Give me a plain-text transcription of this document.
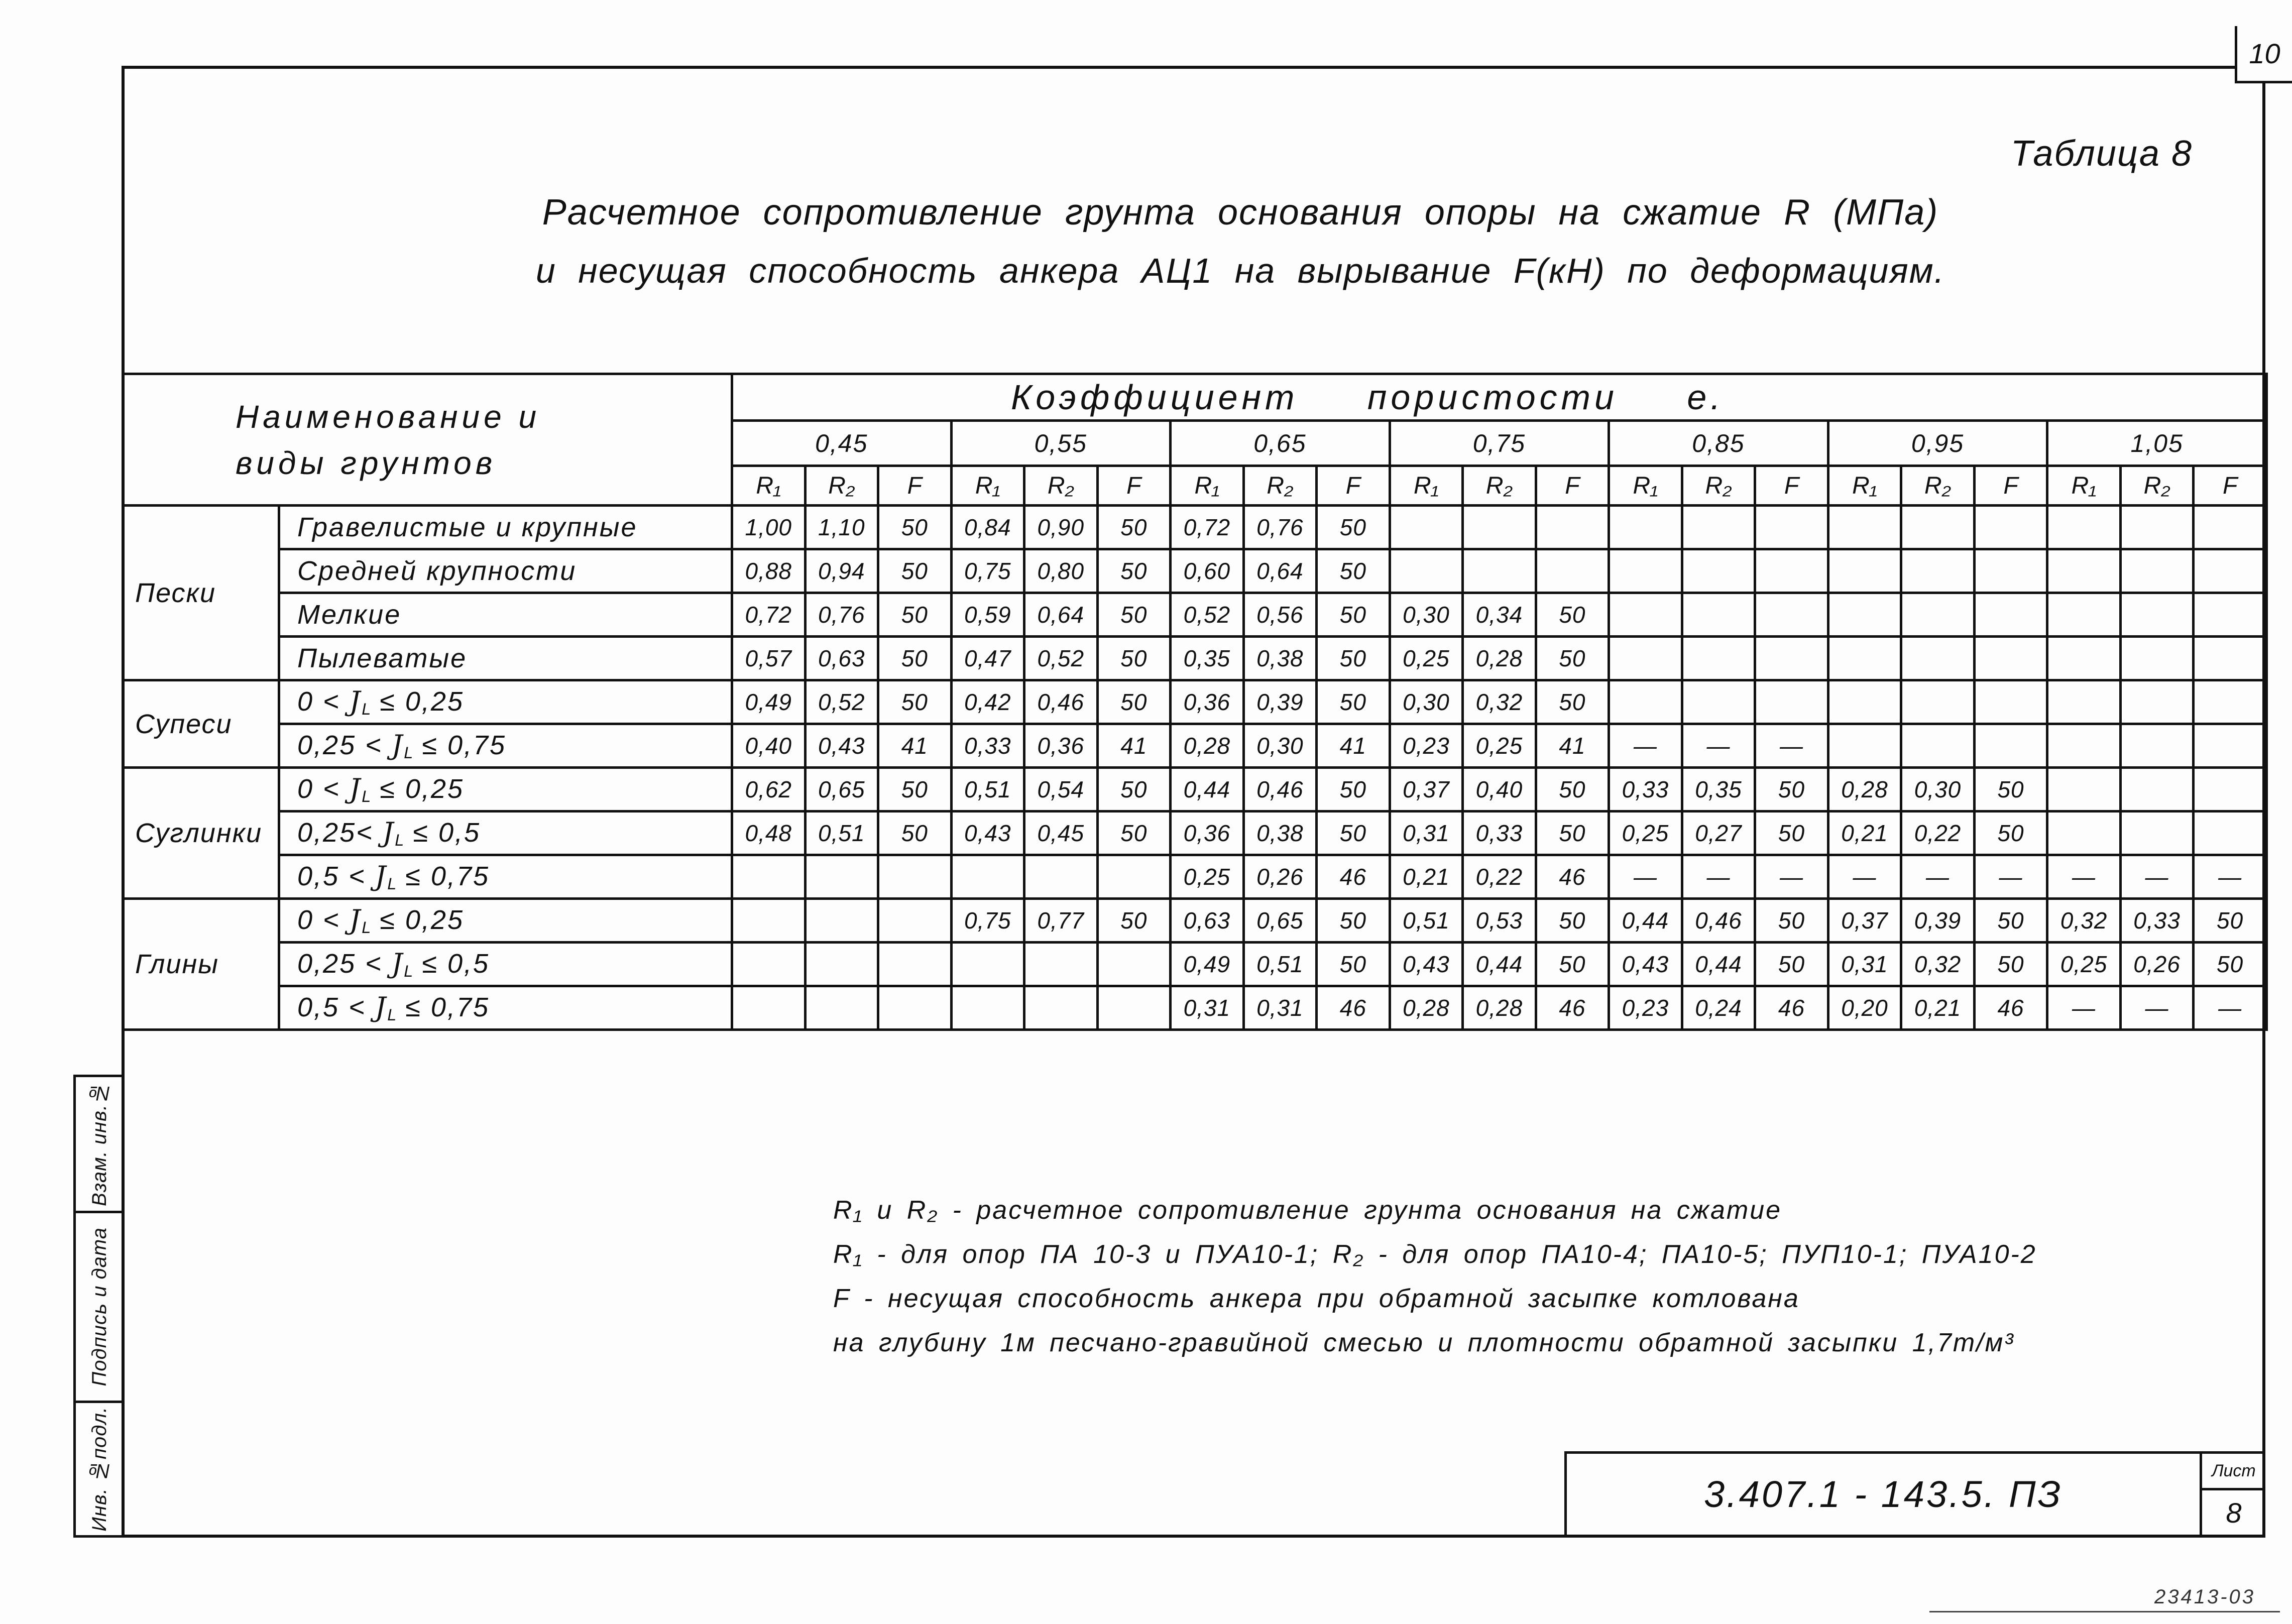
10
Таблица 8
Расчетное сопротивление грунта основания опоры на сжатие R (МПа)
и несущая способность анкера АЦ1 на вырывание F(кН) по деформациям.
Наименование и
виды грунтов		Коэффициент пористости е.																				
		0,45			0,55			0,65			0,75			0,85			0,95			1,05		
		R₁	R₂	F	R₁	R₂	F	R₁	R₂	F	R₁	R₂	F	R₁	R₂	F	R₁	R₂	F	R₁	R₂	F
Пески	Гравелистые и крупные	1,00	1,10	50	0,84	0,90	50	0,72	0,76	50												
	Средней крупности	0,88	0,94	50	0,75	0,80	50	0,60	0,64	50												
	Мелкие	0,72	0,76	50	0,59	0,64	50	0,52	0,56	50	0,30	0,34	50									
	Пылеватые	0,57	0,63	50	0,47	0,52	50	0,35	0,38	50	0,25	0,28	50									
Супеси	$0 < J_L \le 0,25$	0,49	0,52	50	0,42	0,46	50	0,36	0,39	50	0,30	0,32	50									
	$0,25 < J_L \le 0,75$	0,40	0,43	41	0,33	0,36	41	0,28	0,30	41	0,23	0,25	41	—	—	—						
Суглинки	$0 < J_L \le 0,25$	0,62	0,65	50	0,51	0,54	50	0,44	0,46	50	0,37	0,40	50	0,33	0,35	50	0,28	0,30	50			
	$0,25< J_L \le 0,5$	0,48	0,51	50	0,43	0,45	50	0,36	0,38	50	0,31	0,33	50	0,25	0,27	50	0,21	0,22	50			
	$0,5 < J_L \le 0,75$							0,25	0,26	46	0,21	0,22	46	—	—	—	—	—	—	—	—	—
Глины	$0 < J_L \le 0,25$				0,75	0,77	50	0,63	0,65	50	0,51	0,53	50	0,44	0,46	50	0,37	0,39	50	0,32	0,33	50
	$0,25 < J_L \le 0,5$							0,49	0,51	50	0,43	0,44	50	0,43	0,44	50	0,31	0,32	50	0,25	0,26	50
	$0,5 < J_L \le 0,75$							0,31	0,31	46	0,28	0,28	46	0,23	0,24	46	0,20	0,21	46	—	—	—
R₁ и R₂ - расчетное сопротивление грунта основания на сжатие
R₁ - для опор ПА 10-3 и ПУА10-1; R₂ - для опор ПА10-4; ПА10-5; ПУП10-1; ПУА10-2
F - несущая способность анкера при обратной засыпке котлована
на глубину 1м песчано-гравийной смесью и плотности обратной засыпки 1,7т/м³
Взам. инв.№
Подпись и дата
Инв. №подл.	3.407.1 - 143.5. ПЗ
Лист
8
23413-03
